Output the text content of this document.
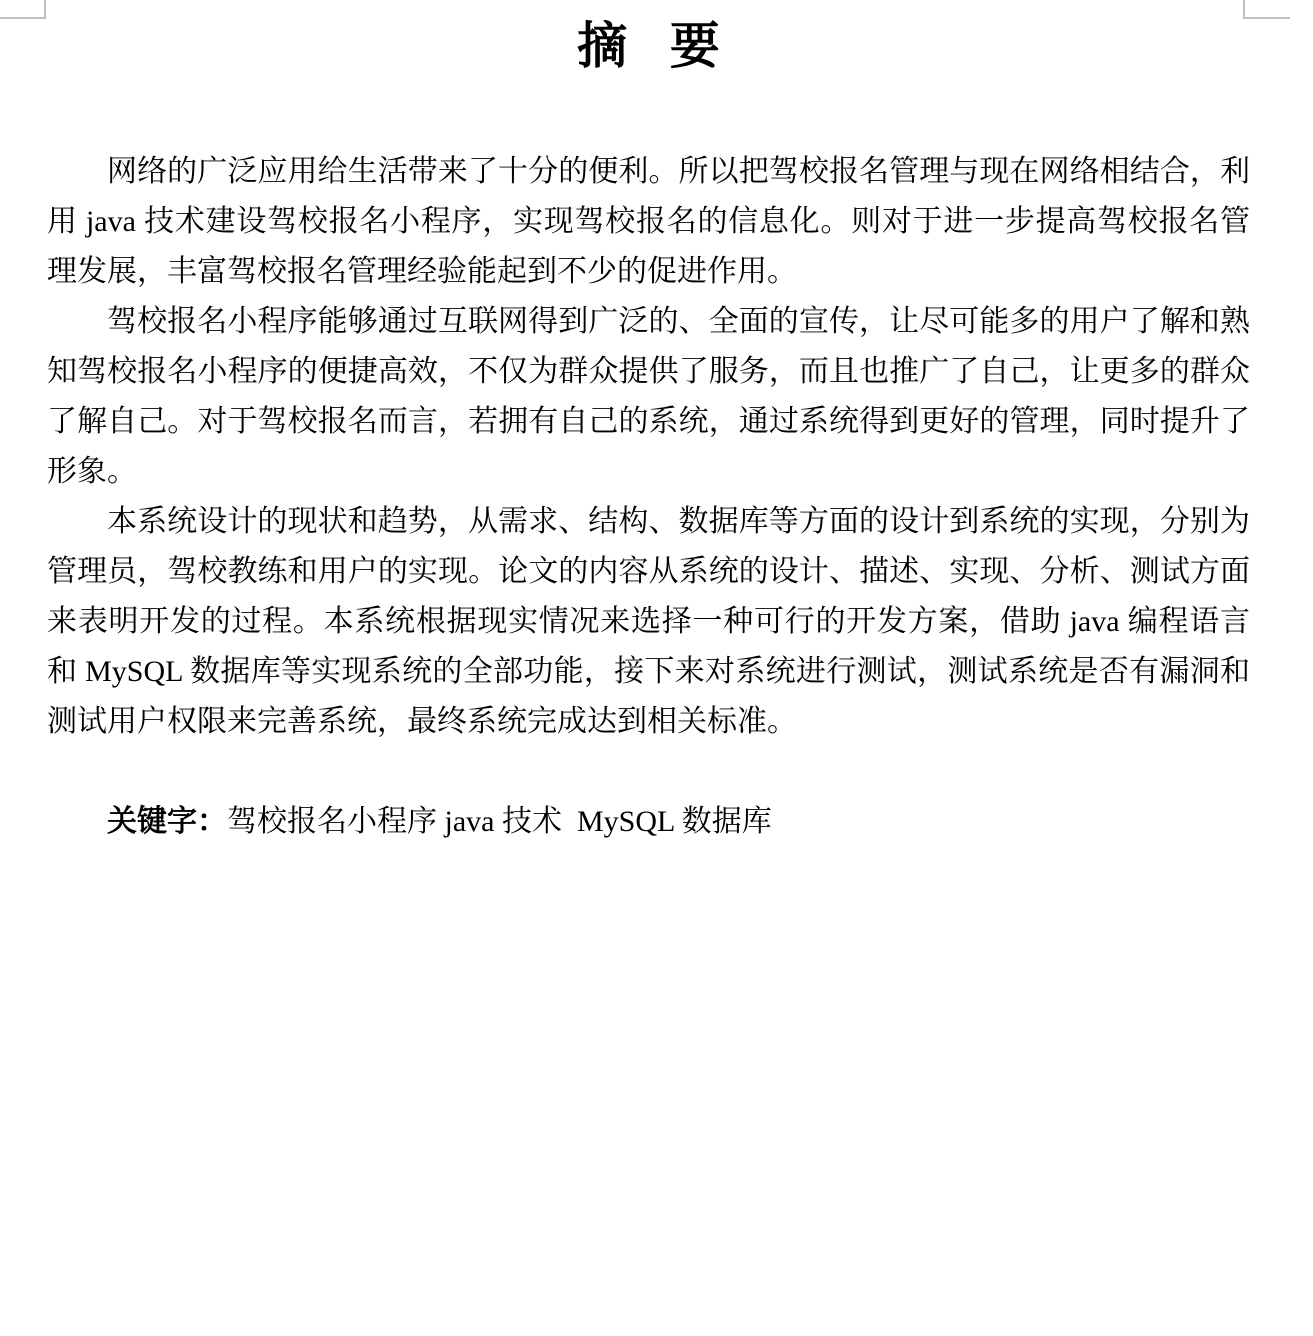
摘 要

网络的广泛应用给生活带来了十分的便利。所以把驾校报名管理与现在网络相结合，利用 java 技术建设驾校报名小程序，实现驾校报名的信息化。则对于进一步提高驾校报名管理发展，丰富驾校报名管理经验能起到不少的促进作用。

驾校报名小程序能够通过互联网得到广泛的、全面的宣传，让尽可能多的用户了解和熟知驾校报名小程序的便捷高效，不仅为群众提供了服务，而且也推广了自己，让更多的群众了解自己。对于驾校报名而言，若拥有自己的系统，通过系统得到更好的管理，同时提升了形象。

本系统设计的现状和趋势，从需求、结构、数据库等方面的设计到系统的实现，分别为管理员，驾校教练和用户的实现。论文的内容从系统的设计、描述、实现、分析、测试方面来表明开发的过程。本系统根据现实情况来选择一种可行的开发方案，借助 java 编程语言和 MySQL 数据库等实现系统的全部功能，接下来对系统进行测试，测试系统是否有漏洞和测试用户权限来完善系统，最终系统完成达到相关标准。

关键字：驾校报名小程序 java 技术  MySQL 数据库
